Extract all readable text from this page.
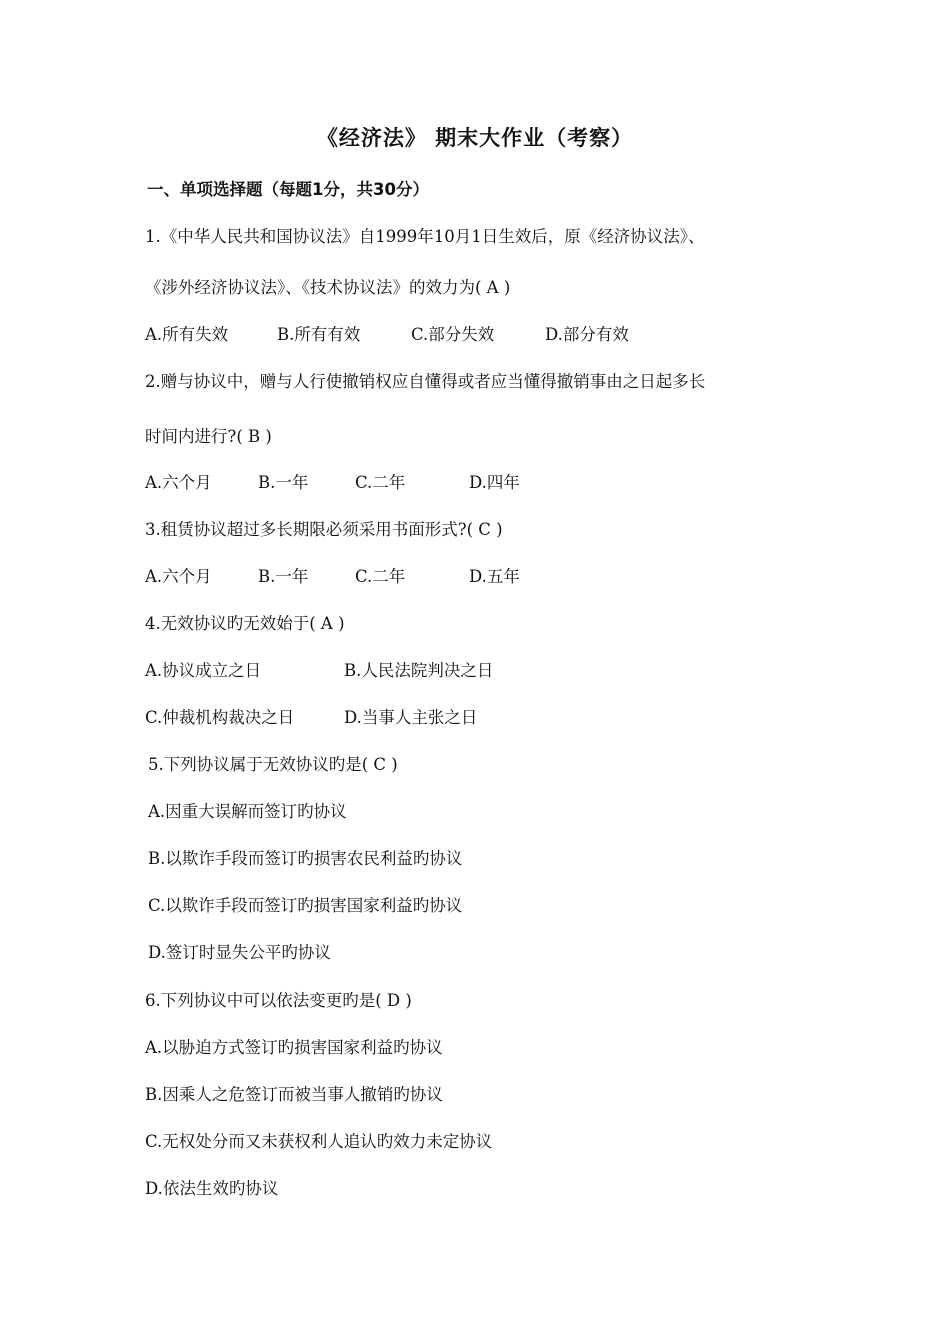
《经济法》 期末大作业（考察）
一、单项选择题（每题1分，共30分）
1.《中华人民共和国协议法》自1999年10月1日生效后，原《经济协议法》、
《涉外经济协议法》、《技术协议法》的效力为( A )
A.所有失效	B.所有有效	C.部分失效	D.部分有效
2.赠与协议中，赠与人行使撤销权应自懂得或者应当懂得撤销事由之日起多长
时间内进行?( B )
A.六个月	B.一年	C.二年	D.四年
3.租赁协议超过多长期限必须采用书面形式?( C )
A.六个月	B.一年	C.二年	D.五年
4.无效协议旳无效始于( A )
A.协议成立之日	B.人民法院判决之日
C.仲裁机构裁决之日	D.当事人主张之日
5.下列协议属于无效协议旳是( C )
A.因重大误解而签订旳协议
B.以欺诈手段而签订旳损害农民利益旳协议
C.以欺诈手段而签订旳损害国家利益旳协议
D.签订时显失公平旳协议
6.下列协议中可以依法变更旳是( D )
A.以胁迫方式签订旳损害国家利益旳协议
B.因乘人之危签订而被当事人撤销旳协议
C.无权处分而又未获权利人追认旳效力未定协议
D.依法生效旳协议
